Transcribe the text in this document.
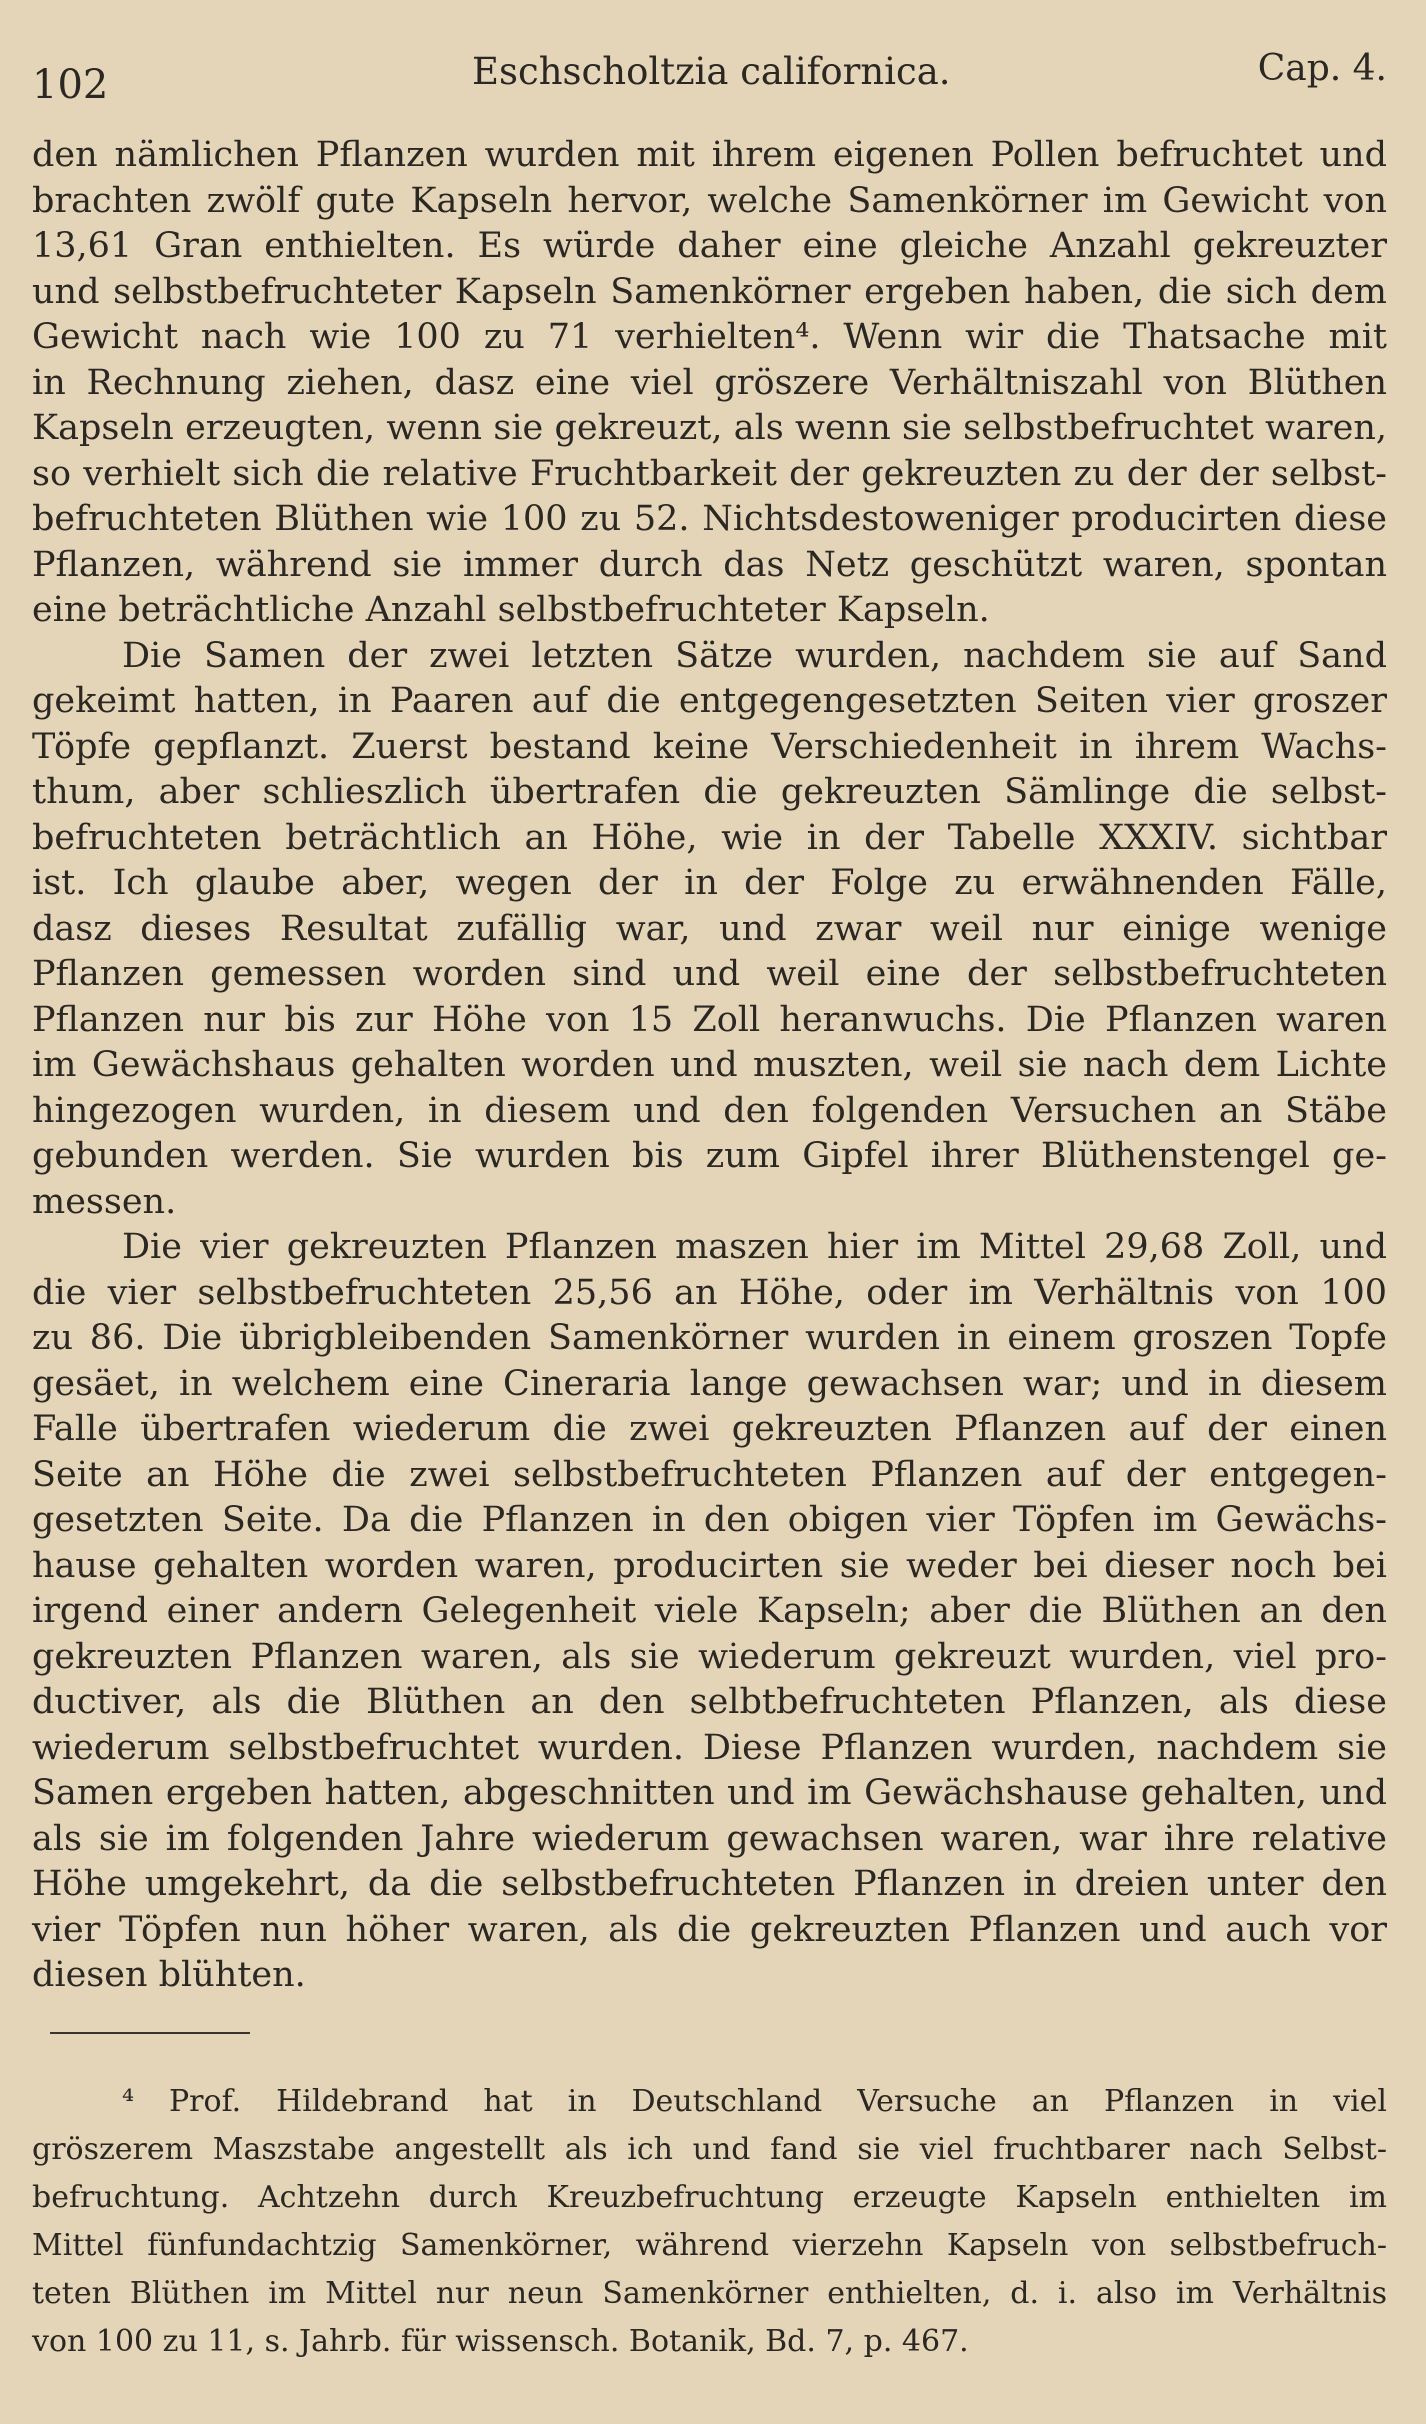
102	Eschscholtzia californica.	Cap. 4.
den nämlichen Pflanzen wurden mit ihrem eigenen Pollen befruchtet und
brachten zwölf gute Kapseln hervor, welche Samenkörner im Gewicht von
13,61 Gran enthielten. Es würde daher eine gleiche Anzahl gekreuzter
und selbstbefruchteter Kapseln Samenkörner ergeben haben, die sich dem
Gewicht nach wie 100 zu 71 verhielten⁴. Wenn wir die Thatsache mit
in Rechnung ziehen, dasz eine viel gröszere Verhältniszahl von Blüthen
Kapseln erzeugten, wenn sie gekreuzt, als wenn sie selbstbefruchtet waren,
so verhielt sich die relative Fruchtbarkeit der gekreuzten zu der der selbst-
befruchteten Blüthen wie 100 zu 52. Nichtsdestoweniger producirten diese
Pflanzen, während sie immer durch das Netz geschützt waren, spontan
eine beträchtliche Anzahl selbstbefruchteter Kapseln.
Die Samen der zwei letzten Sätze wurden, nachdem sie auf Sand
gekeimt hatten, in Paaren auf die entgegengesetzten Seiten vier groszer
Töpfe gepflanzt. Zuerst bestand keine Verschiedenheit in ihrem Wachs-
thum, aber schlieszlich übertrafen die gekreuzten Sämlinge die selbst-
befruchteten beträchtlich an Höhe, wie in der Tabelle XXXIV. sichtbar
ist. Ich glaube aber, wegen der in der Folge zu erwähnenden Fälle,
dasz dieses Resultat zufällig war, und zwar weil nur einige wenige
Pflanzen gemessen worden sind und weil eine der selbstbefruchteten
Pflanzen nur bis zur Höhe von 15 Zoll heranwuchs. Die Pflanzen waren
im Gewächshaus gehalten worden und muszten, weil sie nach dem Lichte
hingezogen wurden, in diesem und den folgenden Versuchen an Stäbe
gebunden werden. Sie wurden bis zum Gipfel ihrer Blüthenstengel ge-
messen.
Die vier gekreuzten Pflanzen maszen hier im Mittel 29,68 Zoll, und
die vier selbstbefruchteten 25,56 an Höhe, oder im Verhältnis von 100
zu 86. Die übrigbleibenden Samenkörner wurden in einem groszen Topfe
gesäet, in welchem eine Cineraria lange gewachsen war; und in diesem
Falle übertrafen wiederum die zwei gekreuzten Pflanzen auf der einen
Seite an Höhe die zwei selbstbefruchteten Pflanzen auf der entgegen-
gesetzten Seite. Da die Pflanzen in den obigen vier Töpfen im Gewächs-
hause gehalten worden waren, producirten sie weder bei dieser noch bei
irgend einer andern Gelegenheit viele Kapseln; aber die Blüthen an den
gekreuzten Pflanzen waren, als sie wiederum gekreuzt wurden, viel pro-
ductiver, als die Blüthen an den selbtbefruchteten Pflanzen, als diese
wiederum selbstbefruchtet wurden. Diese Pflanzen wurden, nachdem sie
Samen ergeben hatten, abgeschnitten und im Gewächshause gehalten, und
als sie im folgenden Jahre wiederum gewachsen waren, war ihre relative
Höhe umgekehrt, da die selbstbefruchteten Pflanzen in dreien unter den
vier Töpfen nun höher waren, als die gekreuzten Pflanzen und auch vor
diesen blühten.
⁴ Prof. Hildebrand hat in Deutschland Versuche an Pflanzen in viel
gröszerem Maszstabe angestellt als ich und fand sie viel fruchtbarer nach Selbst-
befruchtung. Achtzehn durch Kreuzbefruchtung erzeugte Kapseln enthielten im
Mittel fünfundachtzig Samenkörner, während vierzehn Kapseln von selbstbefruch-
teten Blüthen im Mittel nur neun Samenkörner enthielten, d. i. also im Verhältnis
von 100 zu 11, s. Jahrb. für wissensch. Botanik, Bd. 7, p. 467.
